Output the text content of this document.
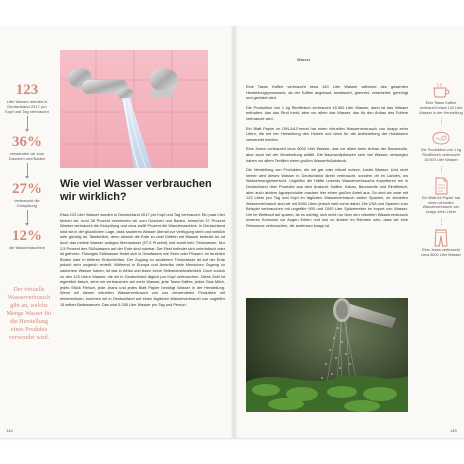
123
Liter Wasser werden in Deutschland 2017 pro Kopf und Tag verbraucht
36%
verwenden wir zum Duschen und Baden
27%
verbraucht die Klospülung
12%
die Waschmaschine
Der virtuelle Wasserverbrauch gibt an, welche Menge Wasser für die Herstellung eines Produkts verwendet wird.
Wie viel Wasser verbrauchen wir wirklich?
Etwa 123 Liter Wasser wurden in Deutschland 2017 pro Kopf und Tag verbraucht. Ein paar Liter trinken wir, rund 36 Prozent verwenden wir zum Duschen und Baden, immerhin 27 Prozent Wasser verbraucht die Klospülung und circa zwölf Prozent die Waschmaschine. In Deutschland sind wir in der glücklichen Lage, dass sauberes Wasser überall zur Verfügung steht und wirklich sehr günstig ist. Tatsächlich, denn obwohl die Erde zu zwei Dritteln mit Wasser bedeckt ist, ist doch das meiste Wasser salziges Meerwasser (97,5 Prozent) und somit kein Trinkwasser. Nur 2,5 Prozent des Süßwassers auf der Erde sind nutzbar. Der Rest befindet sich unterirdisch oder ist gefroren. Flüssiges Süßwasser findet sich in Gewässern wie Seen oder Flüssen, im feuchten Boden oder in tieferen Erdschichten. Der Zugang zu sauberem Trinkwasser ist auf der Erde jedoch sehr ungleich verteilt. Während in Europa und Amerika viele Menschen Zugang zu sauberem Wasser haben, ist das in Afrika und Asien keine Selbstverständlichkeit. Doch zurück zu den 123 Litern Wasser, die wir in Deutschland täglich pro Kopf verbrauchen. Diese Zahl ist eigentlich falsch, denn wir verbrauchen viel mehr Wasser, jede Tasse Kaffee, jedes Glas Milch, jedes Stück Fleisch, jede Jeans und jedes Blatt Papier benötigt Wasser in der Herstellung. Wenn wir diesen virtuellen Wasserverbrauch von uns verwendeten Produkten mit einberechnen, kommen wir in Deutschland auf einen täglichen Wasserverbrauch von ungefähr 15 selber Badewannen. Das sind 5.285 Liter Wasser pro Tag und Person.
144
Wasser

Eine Tasse Kaffee verbraucht etwa 140 Liter Wasser während des gesamten Herstellungsprozesses, da der Kaffee angebaut, bewässert, geerntet, verarbeitet, gereinigt und geröstet wird.

Die Produktion von 1 kg Rindfleisch verbraucht 15.500 Liter Wasser, darin ist das Wasser enthalten, das das Rind trinkt, aber vor allem das Wasser, das für den Anbau des Futters verbraucht wird.

Ein Blatt Papier im DIN-A4-Format hat einen virtuellen Wasserverbrauch von knapp zehn Litern, die bei der Herstellung des Holzes und dann für die Aufbereitung der Holzfasern verwendet werden.

Eine Jeans verbraucht circa 8000 Liter Wasser, das vor allem beim Anbau der Baumwolle, aber auch bei der Verarbeitung anfällt. Die Baumwollpflanzen sehr viel Wasser, deswegen haben vor allem Textilien einen großen Wasserfußabdruck.

Die Herstellung von Produkten, die wir gar oder virtuell nutzen, kostet Wasser. Und nicht immer wird dieses Wasser in Deutschland direkt verbraucht, sondern oft im Landen, wo Wassermangelherrscht. Ungefähr die Hälfte unseres Wasserverbrauchs importieren wir in Deutschland über Produkte aus dem Ausland: Kaffee, Kakao, Baumwolle und Rindfleisch, aber auch andere Agrarprodukte machen hier einen großen Anteil aus. So sind wir zwar mit 123 Litern pro Tag und Kopf im täglichen Wasserverbrauch weiter Spanien, im virtuellen Wasserverbrauch sind wir mit 5285 Litern jedoch weit vorne dabei. Die USA und Spanien zum Beispiel verbrauchen mit ungefähr 900 und 1000 Liter Spitzenreiter im Import von Wasser. Um im Wettkauf auf sparen, ist es wichtig, sich nicht nur über den virtuellen Wasserverbrauch unseres Konsums vor Augen führen und uns zu ändern im Rahmen sein, dass wir eine Ressource verbrauchen, die anderswo knapp ist.

Eine Tasse Kaffee verbraucht etwa 140 Liter Wasser in der Herstellung
Die Produktion von 1 kg Rindfleisch verbraucht 15.500 Liter Wasser
Ein Blatt A4 Papier hat einen virtuellen Wasserverbrauch von knapp zehn Litern
Eine Jeans verbraucht circa 8000 Liter Wasser
145
